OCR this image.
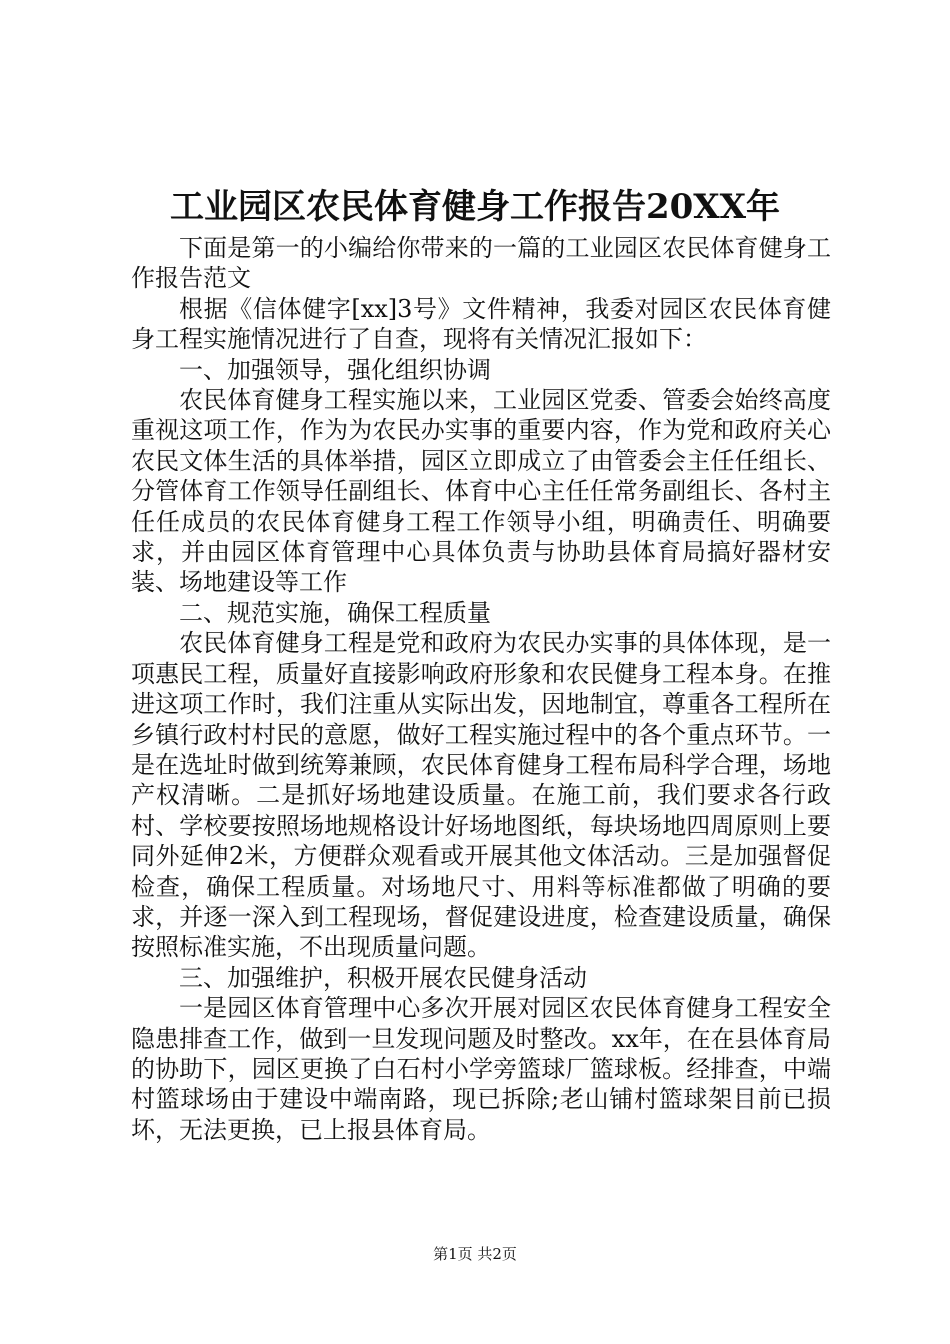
工业园区农民体育健身工作报告20XX年

下面是第一的小编给你带来的一篇的工业园区农民体育健身工作报告范文

根据《信体健字[xx]3号》文件精神，我委对园区农民体育健身工程实施情况进行了自查，现将有关情况汇报如下：

一、加强领导，强化组织协调

农民体育健身工程实施以来，工业园区党委、管委会始终高度重视这项工作，作为为农民办实事的重要内容，作为党和政府关心农民文体生活的具体举措，园区立即成立了由管委会主任任组长、分管体育工作领导任副组长、体育中心主任任常务副组长、各村主任任成员的农民体育健身工程工作领导小组，明确责任、明确要求，并由园区体育管理中心具体负责与协助县体育局搞好器材安装、场地建设等工作

二、规范实施，确保工程质量

农民体育健身工程是党和政府为农民办实事的具体体现，是一项惠民工程，质量好直接影响政府形象和农民健身工程本身。在推进这项工作时，我们注重从实际出发，因地制宜，尊重各工程所在乡镇行政村村民的意愿，做好工程实施过程中的各个重点环节。一是在选址时做到统筹兼顾，农民体育健身工程布局科学合理，场地产权清晰。二是抓好场地建设质量。在施工前，我们要求各行政村、学校要按照场地规格设计好场地图纸，每块场地四周原则上要同外延伸2米，方便群众观看或开展其他文体活动。三是加强督促检查，确保工程质量。对场地尺寸、用料等标准都做了明确的要求，并逐一深入到工程现场，督促建设进度，检查建设质量，确保按照标准实施，不出现质量问题。

三、加强维护，积极开展农民健身活动

一是园区体育管理中心多次开展对园区农民体育健身工程安全隐患排查工作，做到一旦发现问题及时整改。xx年，在在县体育局的协助下，园区更换了白石村小学旁篮球厂篮球板。经排查，中端村篮球场由于建设中端南路，现已拆除;老山铺村篮球架目前已损坏，无法更换，已上报县体育局。

第1页 共2页
